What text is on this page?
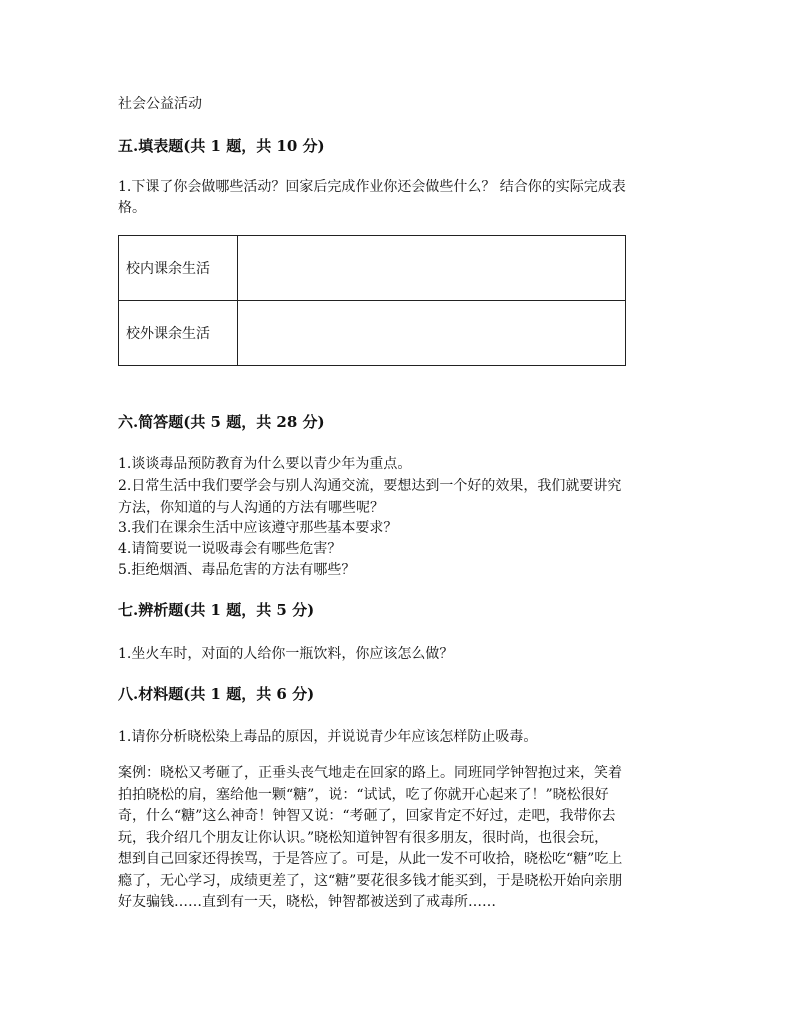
社会公益活动
五.填表题(共 1 题，共 10 分)
1.下课了你会做哪些活动？回家后完成作业你还会做些什么？ 结合你的实际完成表
格。
校内课余生活	
校外课余生活	
六.简答题(共 5 题，共 28 分)
1.谈谈毒品预防教育为什么要以青少年为重点。
2.日常生活中我们要学会与别人沟通交流，要想达到一个好的效果，我们就要讲究
方法，你知道的与人沟通的方法有哪些呢？
3.我们在课余生活中应该遵守那些基本要求？
4.请简要说一说吸毒会有哪些危害？
5.拒绝烟酒、毒品危害的方法有哪些？
七.辨析题(共 1 题，共 5 分)
1.坐火车时，对面的人给你一瓶饮料，你应该怎么做？
八.材料题(共 1 题，共 6 分)
1.请你分析晓松染上毒品的原因，并说说青少年应该怎样防止吸毒。
案例：晓松又考砸了，正垂头丧气地走在回家的路上。同班同学钟智抱过来，笑着
拍拍晓松的肩，塞给他一颗“糖”，说：“试试，吃了你就开心起来了！”晓松很好
奇，什么“糖”这么神奇！钟智又说：“考砸了，回家肯定不好过，走吧，我带你去
玩，我介绍几个朋友让你认识。”晓松知道钟智有很多朋友，很时尚，也很会玩，
想到自己回家还得挨骂，于是答应了。可是，从此一发不可收拾，晓松吃“糖”吃上
瘾了，无心学习，成绩更差了，这“糖”要花很多钱才能买到，于是晓松开始向亲朋
好友骗钱……直到有一天，晓松，钟智都被送到了戒毒所……
